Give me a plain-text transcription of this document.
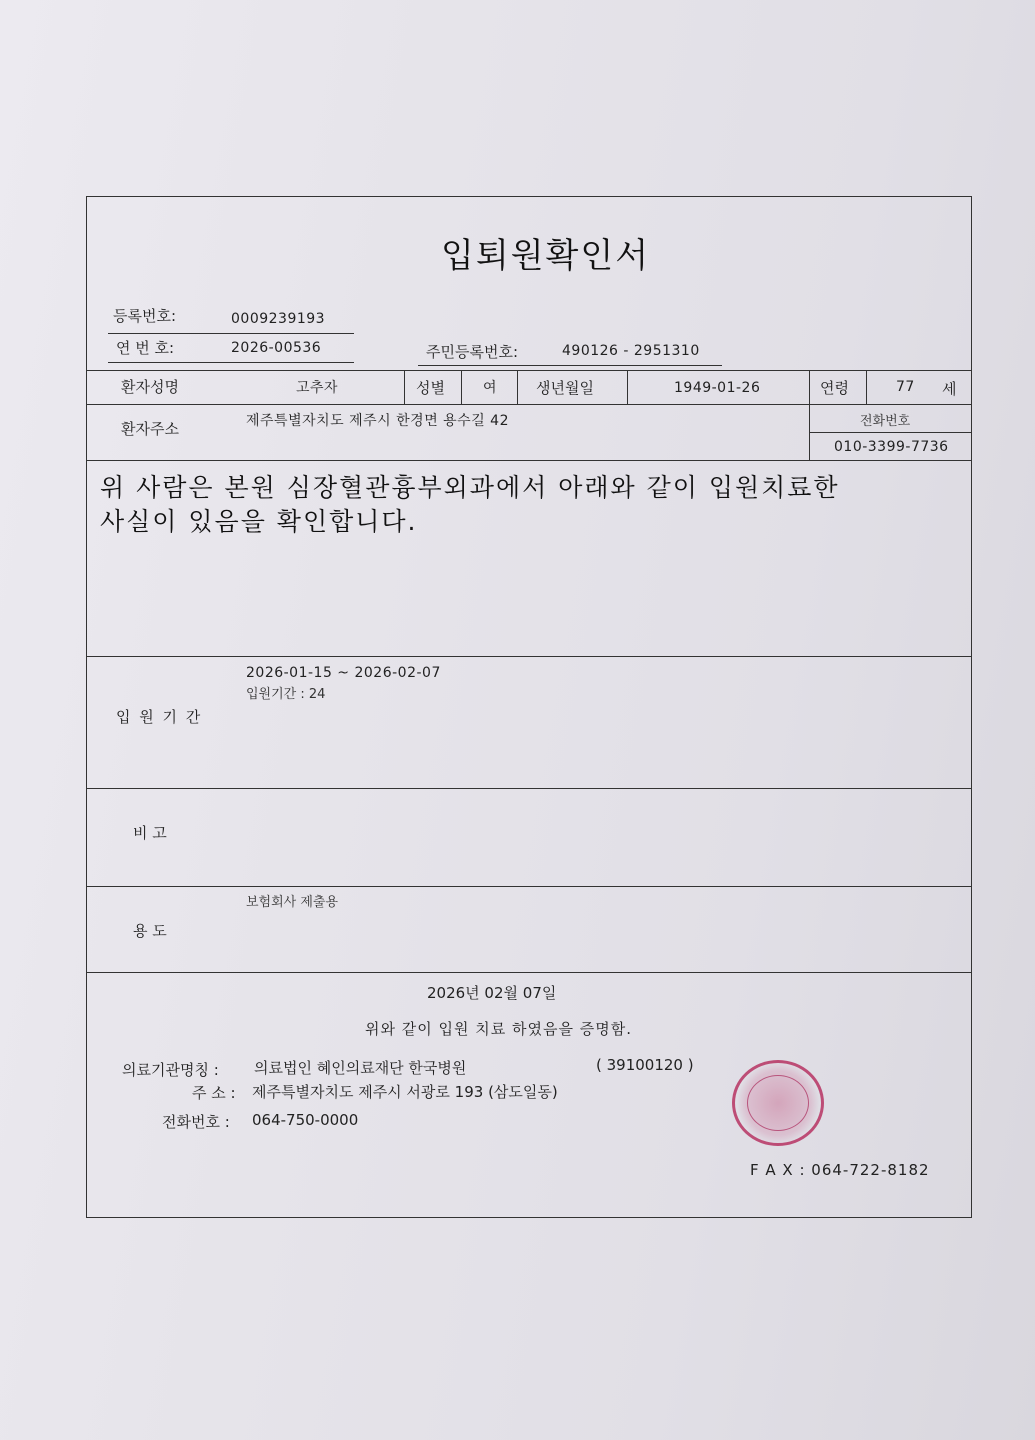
입퇴원확인서
등록번호:	0009239193
연 번 호:	2026-00536	주민등록번호:	490126 - 2951310
환자성명	고추자	성별	여	생년월일	1949-01-26	연령	77 세
환자주소	제주특별자치도 제주시 한경면 용수길 42	전화번호
010-3399-7736
위 사람은 본원 심장혈관흉부외과에서 아래와 같이 입원치료한
사실이 있음을 확인합니다.
2026-01-15 ~ 2026-02-07
입원기간 : 24
입 원 기 간
비 고
보험회사 제출용
용 도
2026년 02월 07일
위와 같이 입원 치료 하였음을 증명함.
의료기관명칭 : 의료법인 혜인의료재단 한국병원	( 39100120 )
주 소 : 제주특별자치도 제주시 서광로 193 (삼도일동)
전화번호 : 064-750-0000
F A X : 064-722-8182
